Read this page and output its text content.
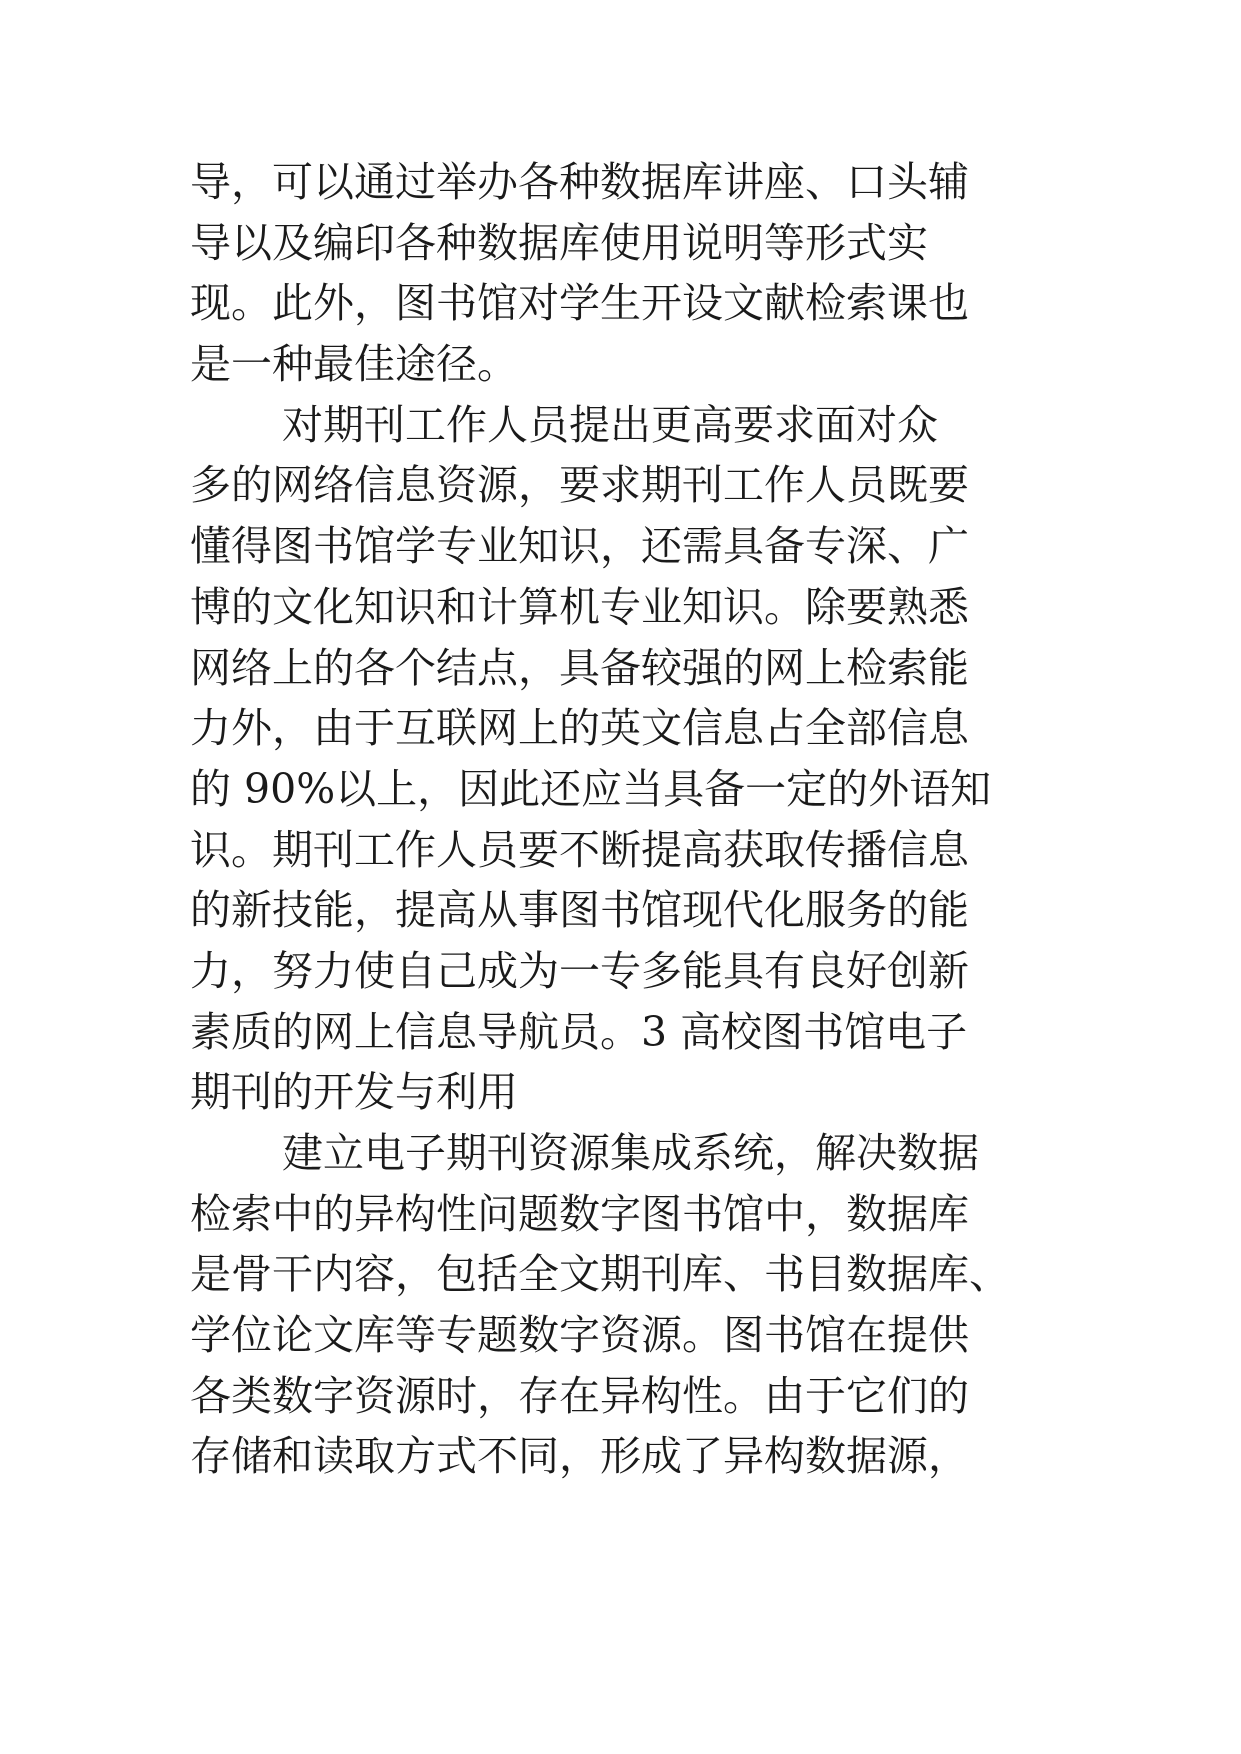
导，可以通过举办各种数据库讲座、口头辅
导以及编印各种数据库使用说明等形式实
现。此外，图书馆对学生开设文献检索课也
是一种最佳途径。
对期刊工作人员提出更高要求面对众
多的网络信息资源，要求期刊工作人员既要
懂得图书馆学专业知识，还需具备专深、广
博的文化知识和计算机专业知识。除要熟悉
网络上的各个结点，具备较强的网上检索能
力外，由于互联网上的英文信息占全部信息
的 90%以上，因此还应当具备一定的外语知
识。期刊工作人员要不断提高获取传播信息
的新技能，提高从事图书馆现代化服务的能
力，努力使自己成为一专多能具有良好创新
素质的网上信息导航员。3 高校图书馆电子
期刊的开发与利用
建立电子期刊资源集成系统，解决数据
检索中的异构性问题数字图书馆中，数据库
是骨干内容，包括全文期刊库、书目数据库、
学位论文库等专题数字资源。图书馆在提供
各类数字资源时，存在异构性。由于它们的
存储和读取方式不同，形成了异构数据源，
